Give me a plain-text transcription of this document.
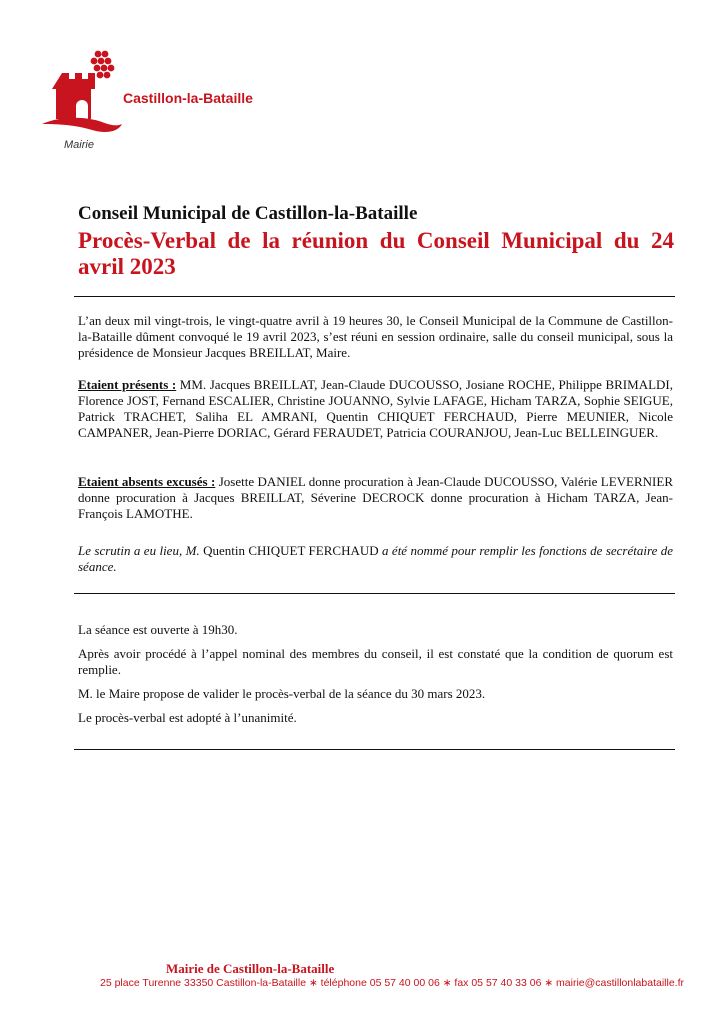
Castillon-la-Bataille
Mairie
Conseil Municipal de Castillon-la-Bataille
Procès-Verbal de la réunion du Conseil Municipal du 24 avril 2023

L’an deux mil vingt-trois, le vingt-quatre avril à 19 heures 30, le Conseil Municipal de la Commune de Castillon-la-Bataille dûment convoqué le 19 avril 2023, s’est réuni en session ordinaire, salle du conseil municipal, sous la présidence de Monsieur Jacques BREILLAT, Maire.

Etaient présents : MM. Jacques BREILLAT, Jean-Claude DUCOUSSO, Josiane ROCHE, Philippe BRIMALDI, Florence JOST, Fernand ESCALIER, Christine JOUANNO, Sylvie LAFAGE, Hicham TARZA, Sophie SEIGUE, Patrick TRACHET, Saliha EL AMRANI, Quentin CHIQUET FERCHAUD, Pierre MEUNIER, Nicole CAMPANER, Jean-Pierre DORIAC, Gérard FERAUDET, Patricia COURANJOU, Jean-Luc BELLEINGUER.

Etaient absents excusés : Josette DANIEL donne procuration à Jean-Claude DUCOUSSO, Valérie LEVERNIER donne procuration à Jacques BREILLAT, Séverine DECROCK donne procuration à Hicham TARZA, Jean-François LAMOTHE.

Le scrutin a eu lieu, M. Quentin CHIQUET FERCHAUD a été nommé pour remplir les fonctions de secrétaire de séance.

La séance est ouverte à 19h30.

Après avoir procédé à l’appel nominal des membres du conseil, il est constaté que la condition de quorum est remplie.

M. le Maire propose de valider le procès-verbal de la séance du 30 mars 2023.

Le procès-verbal est adopté à l’unanimité.

Mairie de Castillon-la-Bataille
25 place Turenne 33350 Castillon-la-Bataille ∗ téléphone 05 57 40 00 06 ∗ fax 05 57 40 33 06 ∗ mairie@castillonlabataille.fr
